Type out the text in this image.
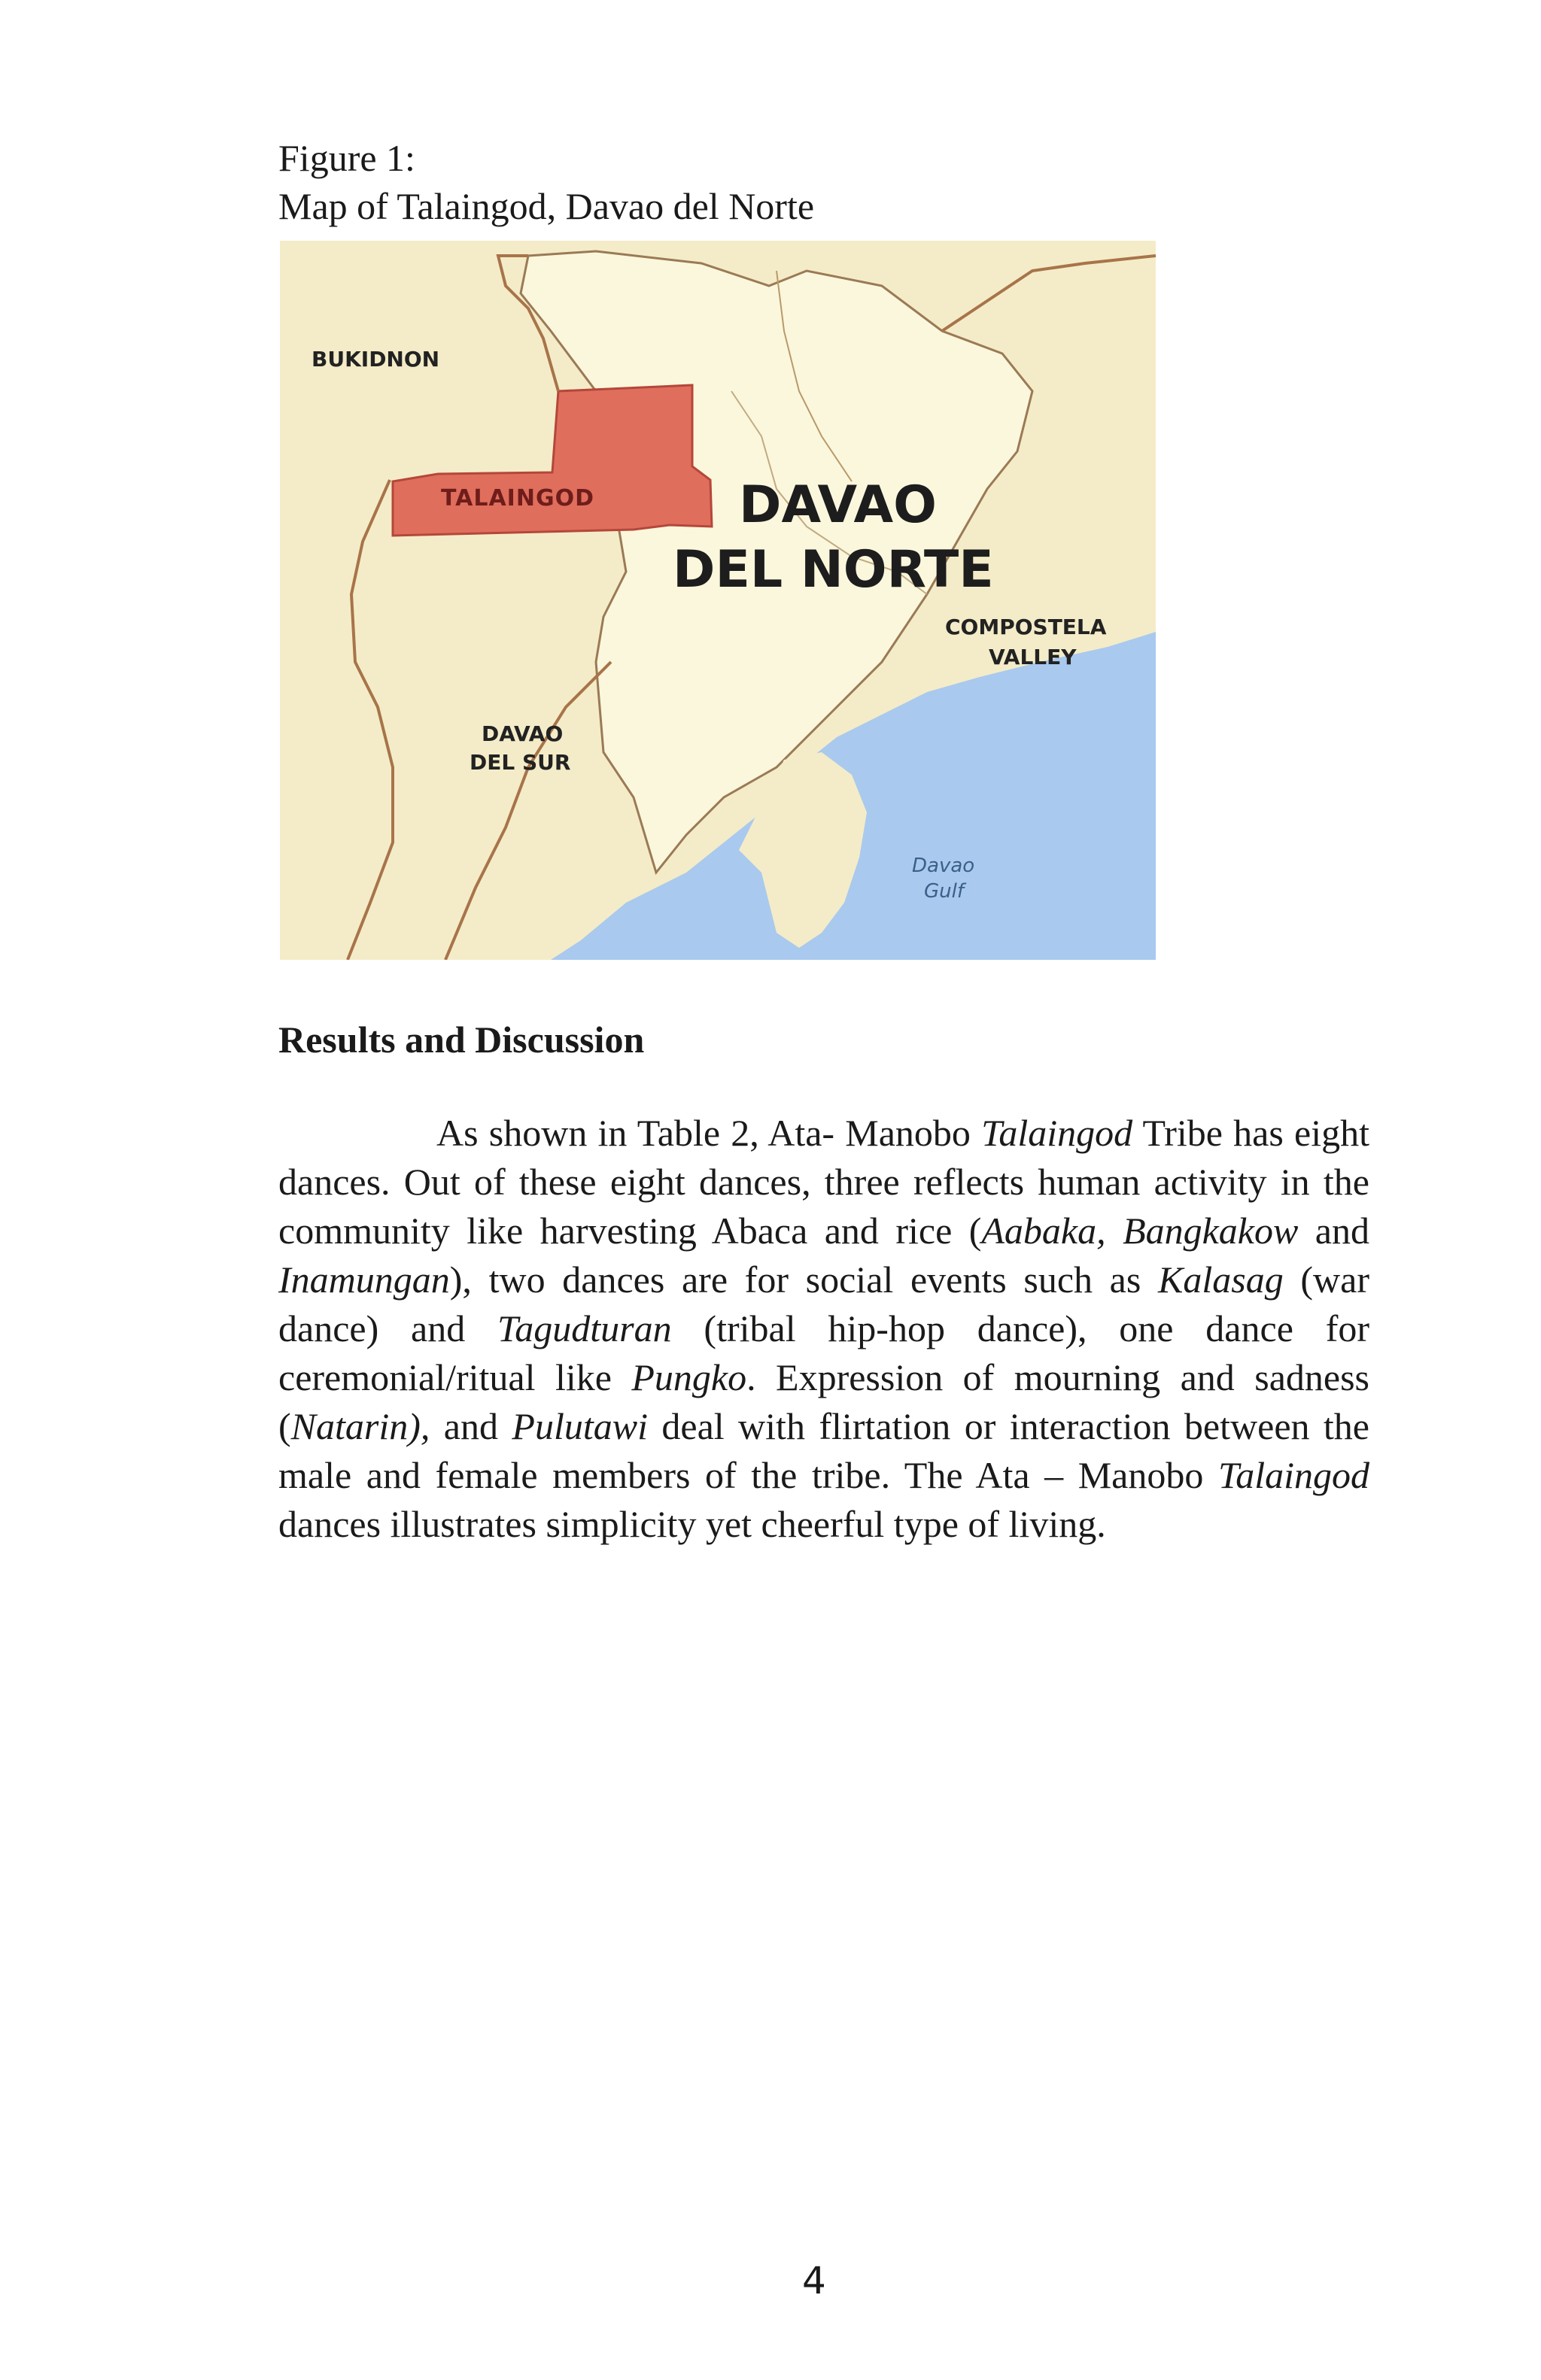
Figure 1:
Map of Talaingod, Davao del Norte
BUKIDNON
TALAINGOD	DAVAO
DEL NORTE
COMPOSTELA
VALLEY
DAVAO
DEL SUR
Davao
Gulf
Results and Discussion

As shown in Table 2, Ata- Manobo Talaingod Tribe has eight dances. Out of these eight dances, three reflects human activity in the community like harvesting Abaca and rice (Aabaka, Bangkakow and Inamungan), two dances are for social events such as Kalasag (war dance) and Tagudturan (tribal hip-hop dance), one dance for ceremonial/ritual like Pungko. Expression of mourning and sadness (Natarin), and Pulutawi deal with flirtation or interaction between the male and female members of the tribe. The Ata – Manobo Talaingod dances illustrates simplicity yet cheerful type of living.

4
